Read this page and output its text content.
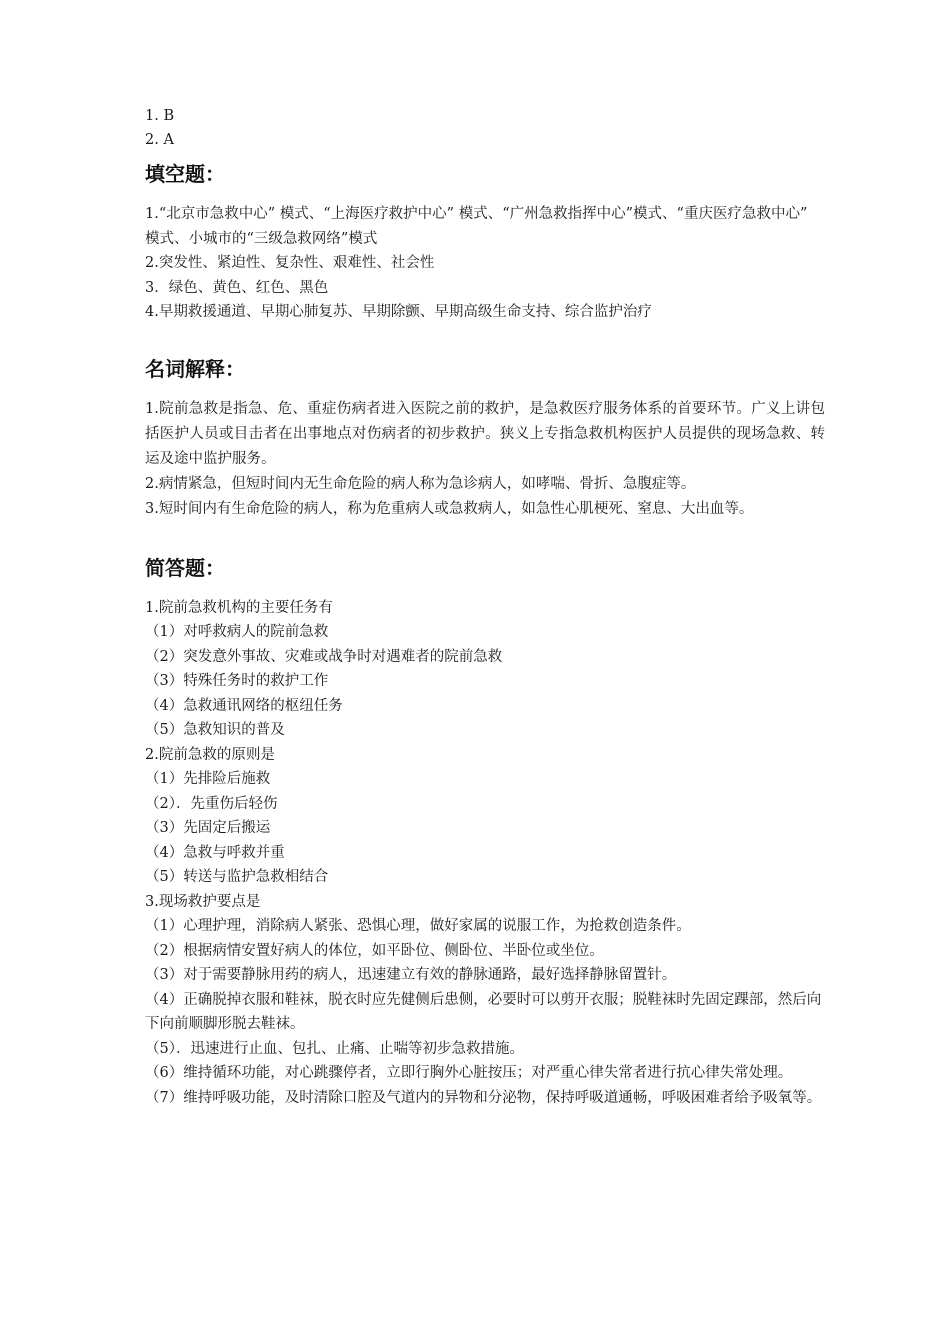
1. B
2. A
填空题：
1.“北京市急救中心” 模式、“上海医疗救护中心” 模式、“广州急救指挥中心”模式、“重庆医疗急救中心” 模式、小城市的“三级急救网络”模式
2.突发性、紧迫性、复杂性、艰难性、社会性
3．绿色、黄色、红色、黑色
4.早期救援通道、早期心肺复苏、早期除颤、早期高级生命支持、综合监护治疗
名词解释：
1.院前急救是指急、危、重症伤病者进入医院之前的救护，是急救医疗服务体系的首要环节。广义上讲包括医护人员或目击者在出事地点对伤病者的初步救护。狭义上专指急救机构医护人员提供的现场急救、转运及途中监护服务。
2.病情紧急，但短时间内无生命危险的病人称为急诊病人，如哮喘、骨折、急腹症等。
3.短时间内有生命危险的病人，称为危重病人或急救病人，如急性心肌梗死、窒息、大出血等。
简答题：
1.院前急救机构的主要任务有
（1）对呼救病人的院前急救
（2）突发意外事故、灾难或战争时对遇难者的院前急救
（3）特殊任务时的救护工作
（4）急救通讯网络的枢纽任务
（5）急救知识的普及
2.院前急救的原则是
（1）先排险后施救
（2）．先重伤后轻伤
（3）先固定后搬运
（4）急救与呼救并重
（5）转送与监护急救相结合
3.现场救护要点是
（1）心理护理，消除病人紧张、恐惧心理，做好家属的说服工作，为抢救创造条件。
（2）根据病情安置好病人的体位，如平卧位、侧卧位、半卧位或坐位。
（3）对于需要静脉用药的病人，迅速建立有效的静脉通路，最好选择静脉留置针。
（4）正确脱掉衣服和鞋袜，脱衣时应先健侧后患侧，必要时可以剪开衣服；脱鞋袜时先固定踝部，然后向下向前顺脚形脱去鞋袜。
（5）．迅速进行止血、包扎、止痛、止喘等初步急救措施。
（6）维持循环功能，对心跳骤停者，立即行胸外心脏按压；对严重心律失常者进行抗心律失常处理。
（7）维持呼吸功能，及时清除口腔及气道内的异物和分泌物，保持呼吸道通畅，呼吸困难者给予吸氧等。
